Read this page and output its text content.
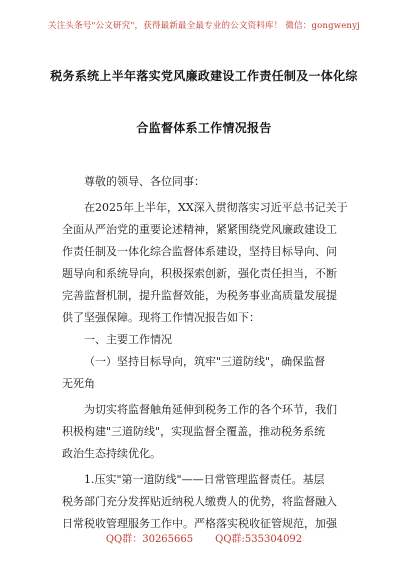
关注头条号"公文研究"，获得最新最全最专业的公文资料库！ 微信：gongwenyj
税务系统上半年落实党风廉政建设工作责任制及一体化综
合监督体系工作情况报告
尊敬的领导、各位同事：
在2025年上半年，XX深入贯彻落实习近平总书记关于
全面从严治党的重要论述精神，紧紧围绕党风廉政建设工
作责任制及一体化综合监督体系建设，坚持目标导向、问
题导向和系统导向，积极探索创新，强化责任担当，不断
完善监督机制，提升监督效能，为税务事业高质量发展提
供了坚强保障。现将工作情况报告如下：
一、主要工作情况
（一）坚持目标导向，筑牢"三道防线"，确保监督
无死角
为切实将监督触角延伸到税务工作的各个环节，我们
积极构建"三道防线"，实现监督全覆盖，推动税务系统
政治生态持续优化。
1.压实"第一道防线"——日常管理监督责任。基层
税务部门充分发挥贴近纳税人缴费人的优势，将监督融入
日常税收管理服务工作中。严格落实税收征管规范，加强
QQ群：30265665 QQ群:535304092
